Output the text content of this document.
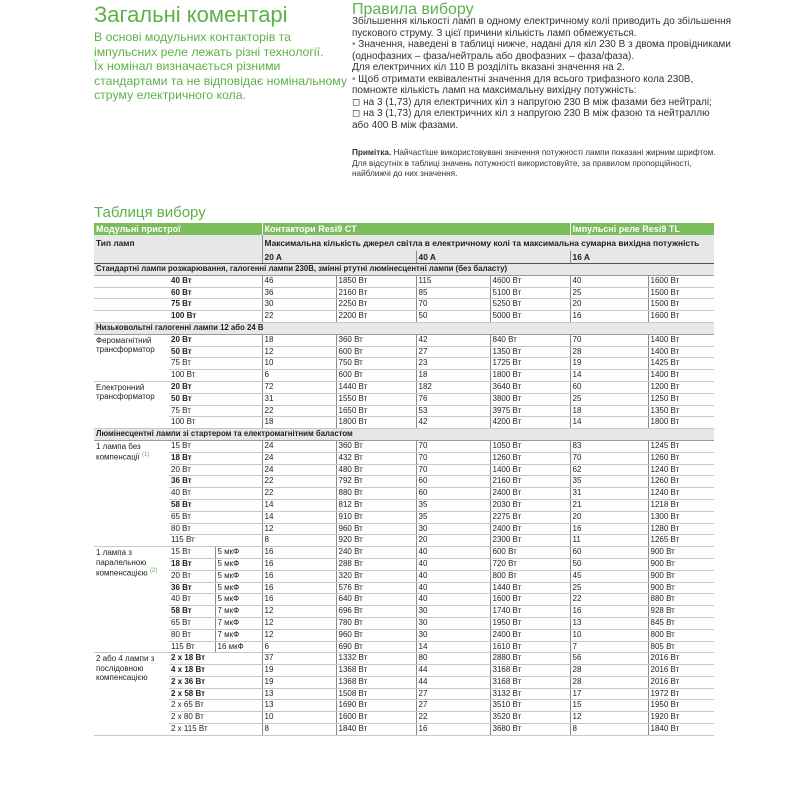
Загальні коментарі
В основі модульних контакторів та
імпульсних реле лежать різні технології.
Їх номінал визначається різними
стандартами та не відповідає номінальному
струму електричного кола.
Правила вибору
Збільшення кількості ламп в одному електричному колі приводить до збільшення
пускового струму. З цієї причини кількість ламп обмежується.
• Значення, наведені в таблиці нижче, надані для кіл 230 В з двома провідниками
(однофазних – фаза/нейтраль або двофазних – фаза/фаза).
Для електричних кіл 110 В розділіть вказані значення на 2.
• Щоб отримати еквівалентні значення для всього трифазного кола 230В,
помножте кількість ламп на максимальну вихідну потужність:
◻ на 3 (1,73) для електричних кіл з напругою 230 В між фазами без нейтралі;
◻ на 3 (1,73) для електричних кіл з напругою 230 В між фазою та нейтраллю
або 400 В між фазами.
Примітка. Найчастіше використовувані значення потужності лампи показані жирним шрифтом.
Для відсутніх в таблиці значень потужності використовуйте, за правилом пропорційності,
найближчі до них значення.
Таблиця вибору
Модульні пристрої			Контактори Resi9 CT				Імпульсні реле Resi9 TL	
Тип ламп			Максимальна кількість джерел світла в електричному колі та максимальна сумарна вихідна потужність					
			20 A		40 A		16 A	
Стандартні лампи розжарювання, галогенні лампи 230В, змінні ртутні люмінесцентні лампи (без баласту)								
	40 Вт		46	1850 Вт	115	4600 Вт	40	1600 Вт
	60 Вт		36	2160 Вт	85	5100 Вт	25	1500 Вт
	75 Вт		30	2250 Вт	70	5250 Вт	20	1500 Вт
	100 Вт		22	2200 Вт	50	5000 Вт	16	1600 Вт
Низьковольтні галогенні лампи 12 або 24 В								
Феромагнітний трансформатор	20 Вт		18	360 Вт	42	840 Вт	70	1400 Вт
	50 Вт		12	600 Вт	27	1350 Вт	28	1400 Вт
	75 Вт		10	750 Вт	23	1725 Вт	19	1425 Вт
	100 Вт		6	600 Вт	18	1800 Вт	14	1400 Вт
Електронний трансформатор	20 Вт		72	1440 Вт	182	3640 Вт	60	1200 Вт
	50 Вт		31	1550 Вт	76	3800 Вт	25	1250 Вт
	75 Вт		22	1650 Вт	53	3975 Вт	18	1350 Вт
	100 Вт		18	1800 Вт	42	4200 Вт	14	1800 Вт
Люмінесцентні лампи зі стартером та електромагнітним баластом								
1 лампа без компенсації $^{(1)}$	15 Вт		24	360 Вт	70	1050 Вт	83	1245 Вт
	18 Вт		24	432 Вт	70	1260 Вт	70	1260 Вт
	20 Вт		24	480 Вт	70	1400 Вт	62	1240 Вт
	36 Вт		22	792 Вт	60	2160 Вт	35	1260 Вт
	40 Вт		22	880 Вт	60	2400 Вт	31	1240 Вт
	58 Вт		14	812 Вт	35	2030 Вт	21	1218 Вт
	65 Вт		14	910 Вт	35	2275 Вт	20	1300 Вт
	80 Вт		12	960 Вт	30	2400 Вт	16	1280 Вт
	115 Вт		8	920 Вт	20	2300 Вт	11	1265 Вт
1 лампа з паралельною компенсацією $^{(2)}$	15 Вт	5 мкФ	16	240 Вт	40	600 Вт	60	900 Вт
	18 Вт	5 мкФ	16	288 Вт	40	720 Вт	50	900 Вт
	20 Вт	5 мкФ	16	320 Вт	40	800 Вт	45	900 Вт
	36 Вт	5 мкФ	16	576 Вт	40	1440 Вт	25	900 Вт
	40 Вт	5 мкФ	16	640 Вт	40	1600 Вт	22	880 Вт
	58 Вт	7 мкФ	12	696 Вт	30	1740 Вт	16	928 Вт
	65 Вт	7 мкФ	12	780 Вт	30	1950 Вт	13	845 Вт
	80 Вт	7 мкФ	12	960 Вт	30	2400 Вт	10	800 Вт
	115 Вт	16 мкФ	6	690 Вт	14	1610 Вт	7	805 Вт
2 або 4 лампи з послідовною компенсацією	2 x 18 Вт		37	1332 Вт	80	2880 Вт	56	2016 Вт
	4 x 18 Вт		19	1368 Вт	44	3168 Вт	28	2016 Вт
	2 x 36 Вт		19	1368 Вт	44	3168 Вт	28	2016 Вт
	2 x 58 Вт		13	1508 Вт	27	3132 Вт	17	1972 Вт
	2 x 65 Вт		13	1690 Вт	27	3510 Вт	15	1950 Вт
	2 x 80 Вт		10	1600 Вт	22	3520 Вт	12	1920 Вт
	2 x 115 Вт		8	1840 Вт	16	3680 Вт	8	1840 Вт
